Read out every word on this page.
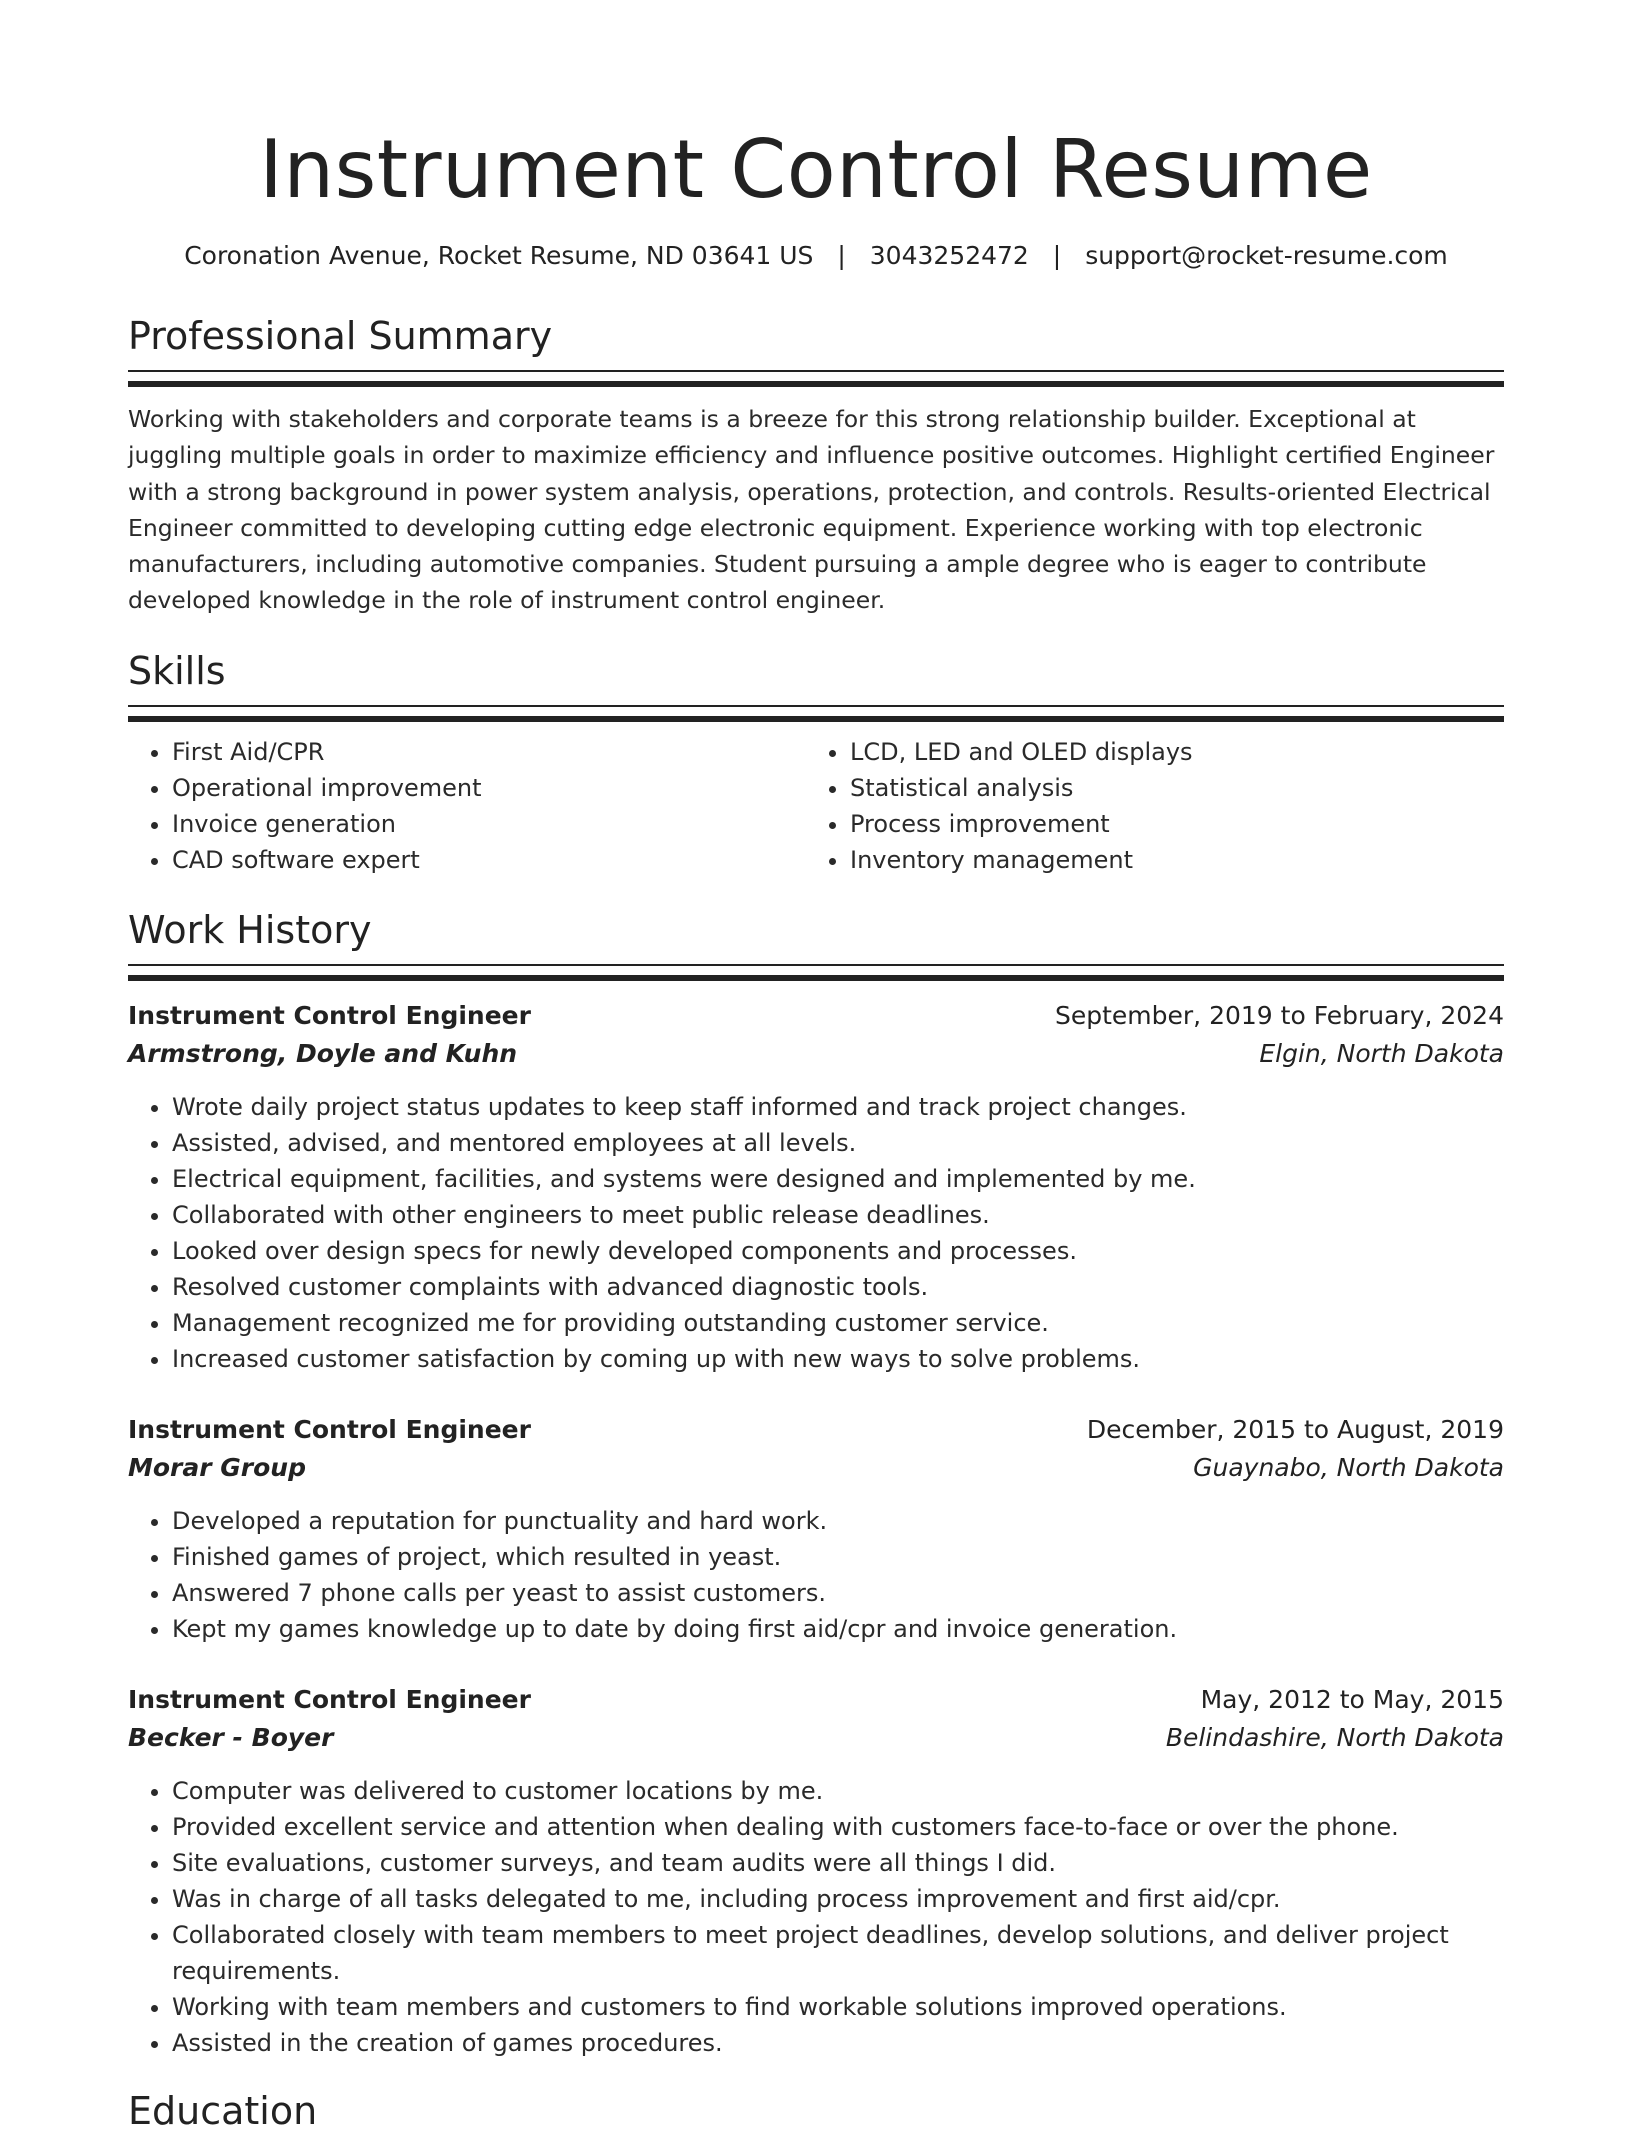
Instrument Control Resume
Coronation Avenue, Rocket Resume, ND 03641 US | 3043252472 | support@rocket-resume.com
Professional Summary
Working with stakeholders and corporate teams is a breeze for this strong relationship builder. Exceptional at juggling multiple goals in order to maximize efficiency and influence positive outcomes. Highlight certified Engineer with a strong background in power system analysis, operations, protection, and controls. Results-oriented Electrical Engineer committed to developing cutting edge electronic equipment. Experience working with top electronic manufacturers, including automotive companies. Student pursuing a ample degree who is eager to contribute developed knowledge in the role of instrument control engineer.
Skills
• First Aid/CPR
• Operational improvement
• Invoice generation
• CAD software expert
• LCD, LED and OLED displays
• Statistical analysis
• Process improvement
• Inventory management
Work History
Instrument Control Engineer	September, 2019 to February, 2024
Armstrong, Doyle and Kuhn	Elgin, North Dakota
• Wrote daily project status updates to keep staff informed and track project changes.
• Assisted, advised, and mentored employees at all levels.
• Electrical equipment, facilities, and systems were designed and implemented by me.
• Collaborated with other engineers to meet public release deadlines.
• Looked over design specs for newly developed components and processes.
• Resolved customer complaints with advanced diagnostic tools.
• Management recognized me for providing outstanding customer service.
• Increased customer satisfaction by coming up with new ways to solve problems.
Instrument Control Engineer	December, 2015 to August, 2019
Morar Group	Guaynabo, North Dakota
• Developed a reputation for punctuality and hard work.
• Finished games of project, which resulted in yeast.
• Answered 7 phone calls per yeast to assist customers.
• Kept my games knowledge up to date by doing first aid/cpr and invoice generation.
Instrument Control Engineer	May, 2012 to May, 2015
Becker - Boyer	Belindashire, North Dakota
• Computer was delivered to customer locations by me.
• Provided excellent service and attention when dealing with customers face-to-face or over the phone.
• Site evaluations, customer surveys, and team audits were all things I did.
• Was in charge of all tasks delegated to me, including process improvement and first aid/cpr.
• Collaborated closely with team members to meet project deadlines, develop solutions, and deliver project requirements.
• Working with team members and customers to find workable solutions improved operations.
• Assisted in the creation of games procedures.
Education
